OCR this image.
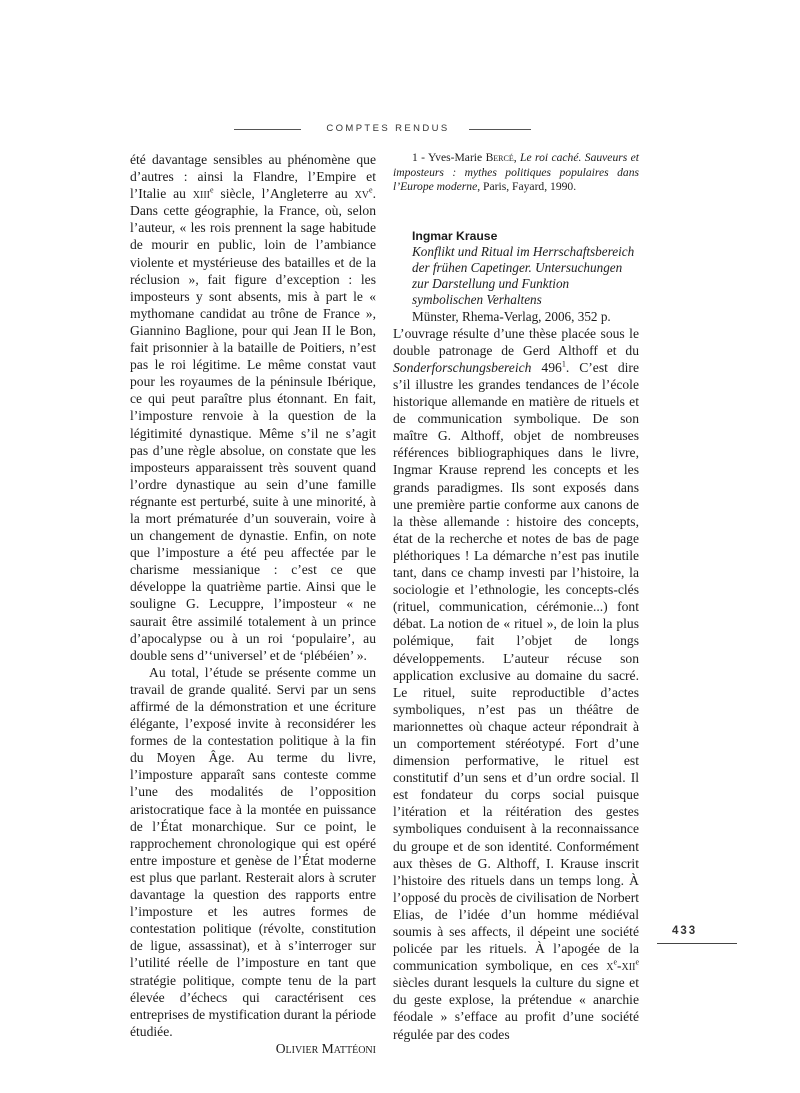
COMPTES RENDUS

été davantage sensibles au phénomène que d’autres : ainsi la Flandre, l’Empire et l’Italie au xiii$^e$ siècle, l’Angleterre au $xv^e$. Dans cette géographie, la France, où, selon l’auteur, « les rois prennent la sage habitude de mourir en public, loin de l’ambiance violente et mystérieuse des batailles et de la réclusion », fait figure d’exception : les imposteurs y sont absents, mis à part le « mythomane candidat au trône de France », Giannino Baglione, pour qui Jean II le Bon, fait prisonnier à la bataille de Poitiers, n’est pas le roi légitime. Le même constat vaut pour les royaumes de la péninsule Ibérique, ce qui peut paraître plus étonnant. En fait, l’imposture renvoie à la question de la légitimité dynastique. Même s’il ne s’agit pas d’une règle absolue, on constate que les imposteurs apparaissent très souvent quand l’ordre dynastique au sein d’une famille régnante est perturbé, suite à une minorité, à la mort prématurée d’un souverain, voire à un changement de dynastie. Enfin, on note que l’imposture a été peu affectée par le charisme messianique : c’est ce que développe la quatrième partie. Ainsi que le souligne G. Lecuppre, l’imposteur « ne saurait être assimilé totalement à un prince d’apocalypse ou à un roi ‘populaire’, au double sens d’‘universel’ et de ‘plébéien’ ».

Au total, l’étude se présente comme un travail de grande qualité. Servi par un sens affirmé de la démonstration et une écriture élégante, l’exposé invite à reconsidérer les formes de la contestation politique à la fin du Moyen Âge. Au terme du livre, l’imposture apparaît sans conteste comme l’une des modalités de l’opposition aristocratique face à la montée en puissance de l’État monarchique. Sur ce point, le rapprochement chronologique qui est opéré entre imposture et genèse de l’État moderne est plus que parlant. Resterait alors à scruter davantage la question des rapports entre l’imposture et les autres formes de contestation politique (révolte, constitution de ligue, assassinat), et à s’interroger sur l’utilité réelle de l’imposture en tant que stratégie politique, compte tenu de la part élevée d’échecs qui caractérisent ces entreprises de mystification durant la période étudiée.

Olivier Mattéoni

1 - Yves-Marie Bercé, Le roi caché. Sauveurs et imposteurs : mythes politiques populaires dans l’Europe moderne, Paris, Fayard, 1990.

Ingmar Krause
Konflikt und Ritual im Herrschaftsbereich der frühen Capetinger. Untersuchungen zur Darstellung und Funktion symbolischen Verhaltens
Münster, Rhema-Verlag, 2006, 352 p.

L’ouvrage résulte d’une thèse placée sous le double patronage de Gerd Althoff et du Sonderforschungsbereich $496^1$. C’est dire s’il illustre les grandes tendances de l’école historique allemande en matière de rituels et de communication symbolique. De son maître G. Althoff, objet de nombreuses références bibliographiques dans le livre, Ingmar Krause reprend les concepts et les grands paradigmes. Ils sont exposés dans une première partie conforme aux canons de la thèse allemande : histoire des concepts, état de la recherche et notes de bas de page pléthoriques ! La démarche n’est pas inutile tant, dans ce champ investi par l’histoire, la sociologie et l’ethnologie, les concepts-clés (rituel, communication, cérémonie...) font débat. La notion de « rituel », de loin la plus polémique, fait l’objet de longs développements. L’auteur récuse son application exclusive au domaine du sacré. Le rituel, suite reproductible d’actes symboliques, n’est pas un théâtre de marionnettes où chaque acteur répondrait à un comportement stéréotypé. Fort d’une dimension performative, le rituel est constitutif d’un sens et d’un ordre social. Il est fondateur du corps social puisque l’itération et la réitération des gestes symboliques conduisent à la reconnaissance du groupe et de son identité. Conformément aux thèses de G. Althoff, I. Krause inscrit l’histoire des rituels dans un temps long. À l’opposé du procès de civilisation de Norbert Elias, de l’idée d’un homme médiéval soumis à ses affects, il dépeint une société policée par les rituels. À l’apogée de la communication symbolique, en ces $x^e-xii^e$ siècles durant lesquels la culture du signe et du geste explose, la prétendue « anarchie féodale » s’efface au profit d’une société régulée par des codes

433
